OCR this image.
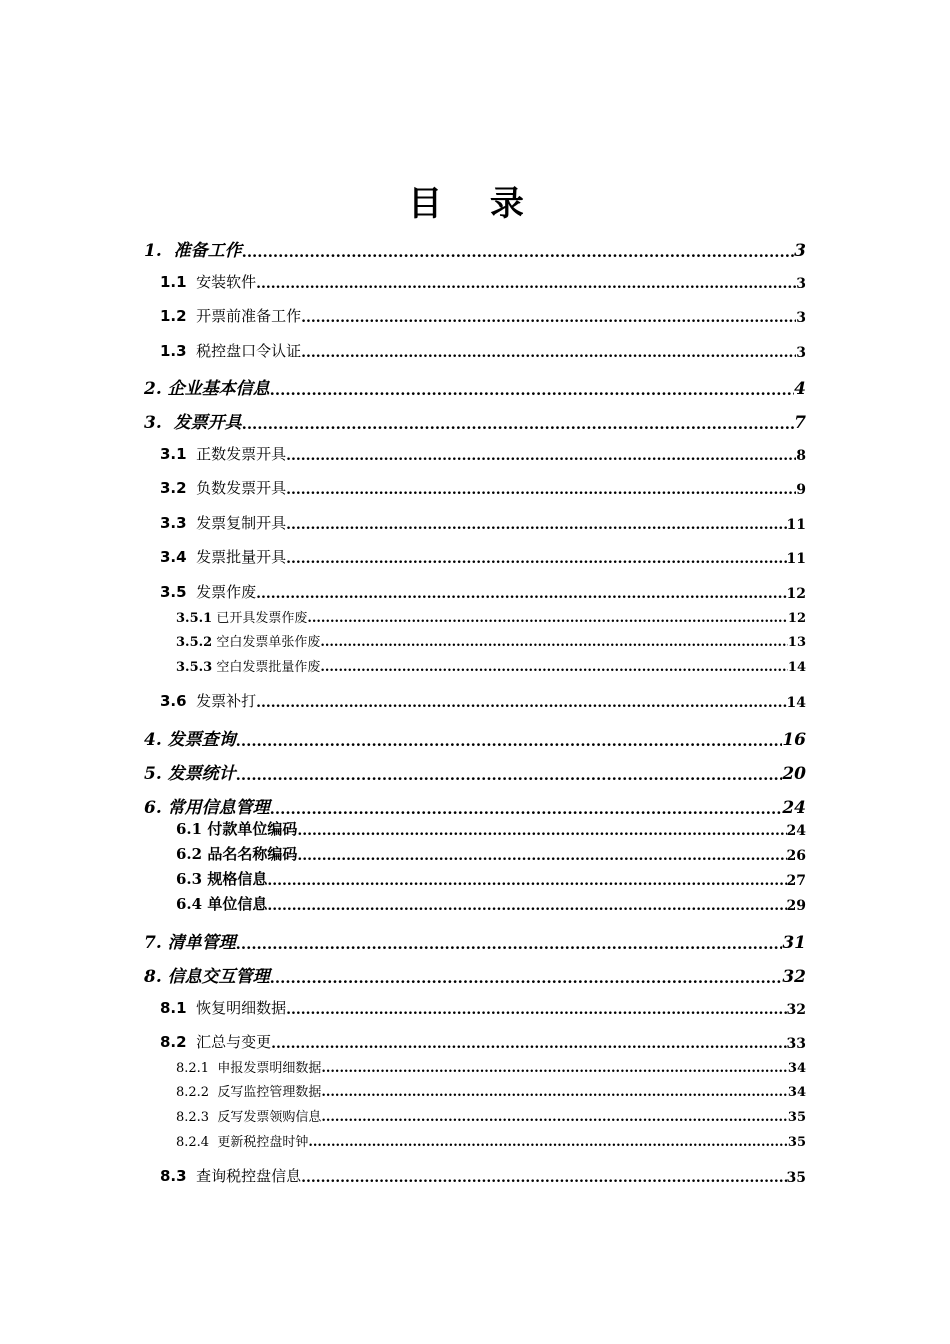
目 录
1. 准备工作 .....	3
1.1 安装软件 .....	3
1.2 开票前准备工作 .....	3
1.3 税控盘口令认证 .....	3
2. 企业基本信息 .....	4
3. 发票开具 .....	7
3.1 正数发票开具 .....	8
3.2 负数发票开具 .....	9
3.3 发票复制开具 .....	11
3.4 发票批量开具 .....	11
3.5 发票作废 .....	12
3.5.1 已开具发票作废 .....	12
3.5.2 空白发票单张作废 .....	13
3.5.3 空白发票批量作废 .....	14
3.6 发票补打 .....	14
4. 发票查询 .....	16
5. 发票统计 .....	20
6. 常用信息管理 .....	24
6.1 付款单位编码 .....	24
6.2 品名名称编码 .....	26
6.3 规格信息 .....	27
6.4 单位信息 .....	29
7. 清单管理 .....	31
8. 信息交互管理 .....	32
8.1 恢复明细数据 .....	32
8.2 汇总与变更 .....	33
8.2.1 申报发票明细数据 .....	34
8.2.2 反写监控管理数据 .....	34
8.2.3 反写发票领购信息 .....	35
8.2.4 更新税控盘时钟 .....	35
8.3 查询税控盘信息 .....	35
